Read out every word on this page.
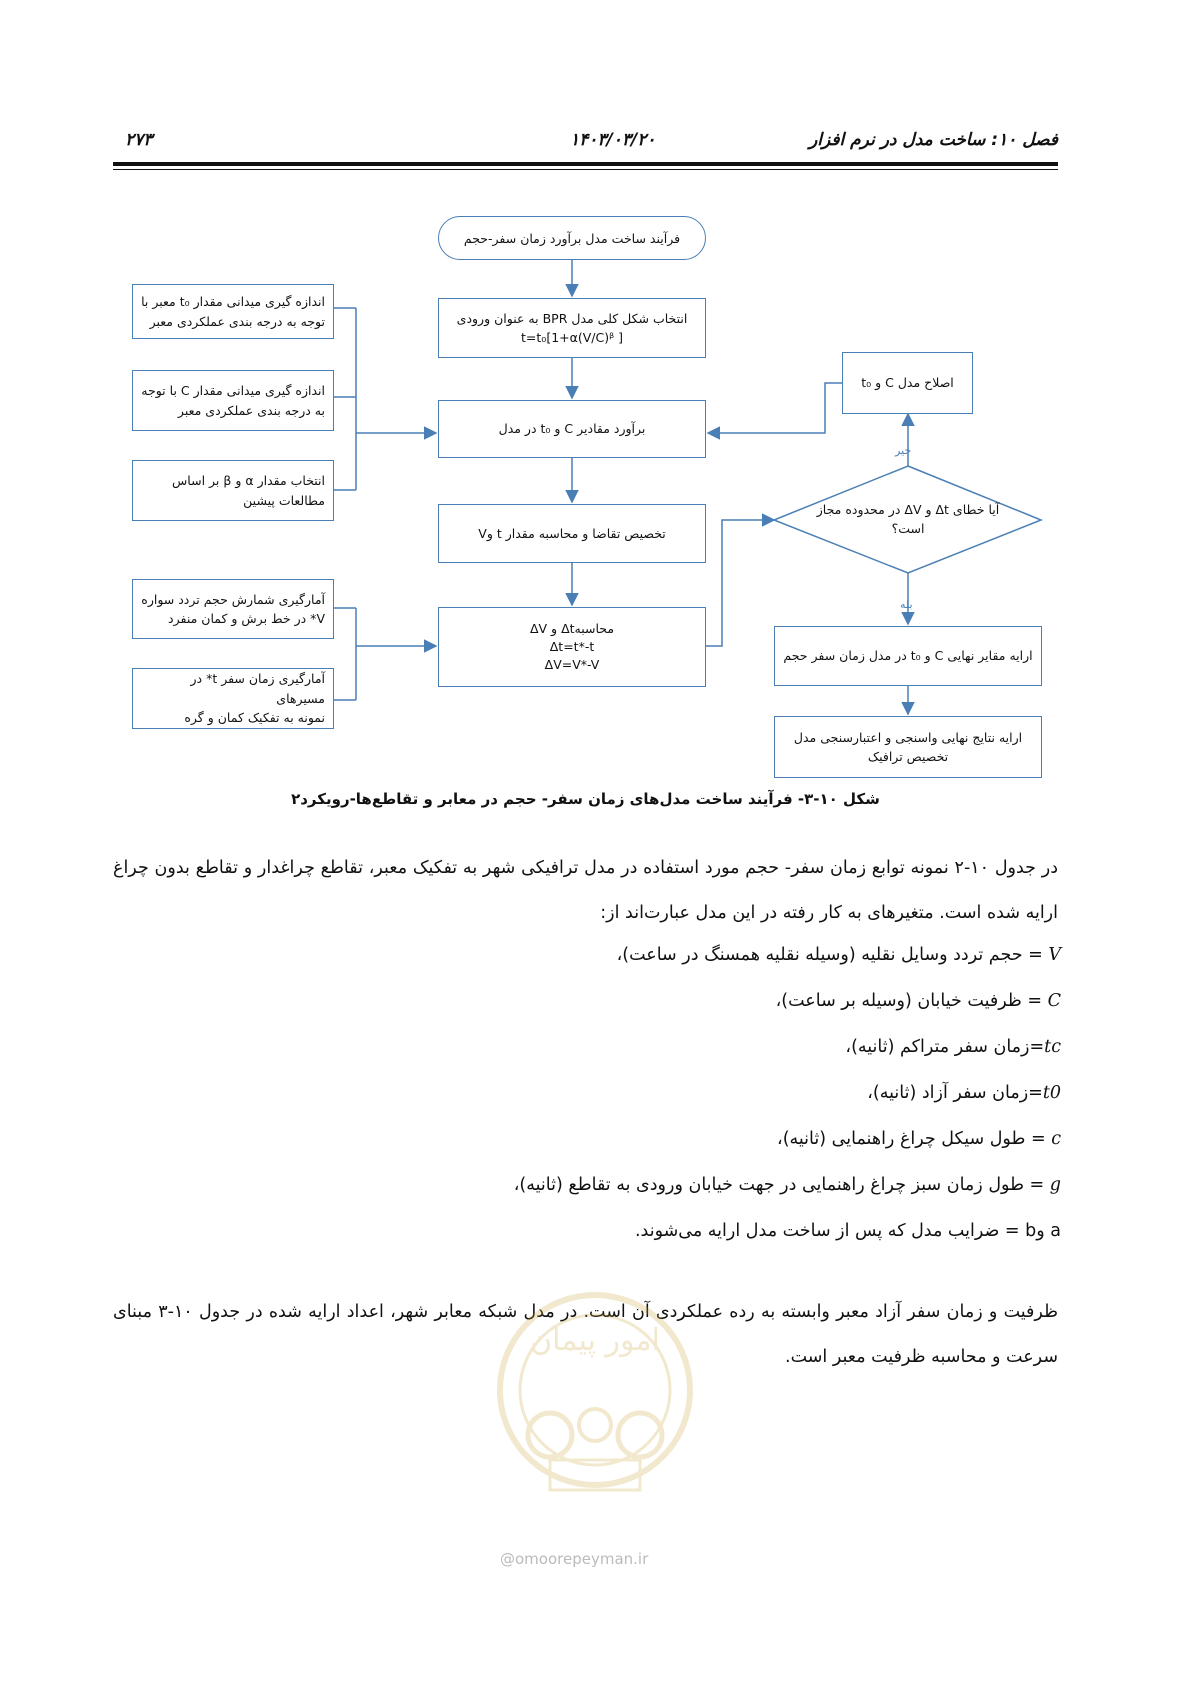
فصل ۱۰: ساخت مدل در نرم افزار
۱۴۰۳/۰۳/۲۰
۲۷۳
فرآیند ساخت مدل برآورد زمان سفر-حجم
انتخاب شکل کلی مدل BPR به عنوان ورودی
t=t₀[1+α(V/C)ᵝ ]
برآورد مقادیر C و t₀ در مدل
تخصیص تقاضا و محاسبه مقدار t وV
محاسبهΔt و ΔV
Δt=t*-t
ΔV=V*-V
اندازه گیری میدانی مقدار t₀ معبر با
توجه به درجه بندی عملکردی معبر
اندازه گیری میدانی مقدار C با توجه
به درجه بندی عملکردی معبر
انتخاب مقدار α و β بر اساس
مطالعات پیشین
آمارگیری شمارش حجم تردد سواره
V* در خط برش و کمان منفرد
آمارگیری زمان سفر t* در مسیرهای
نمونه به تفکیک کمان و گره
اصلاح مدل C و t₀
آیا خطای Δt و ΔV در محدوده مجاز
است؟
خیر
بله
ارایه مقایر نهایی C و t₀ در مدل زمان سفر حجم
ارایه نتایج نهایی واسنجی و اعتبارسنجی مدل
تخصیص ترافیک
شکل ۱۰-۳- فرآیند ساخت مدل‌های زمان سفر- حجم در معابر و تقاطع‌ها-رویکرد۲
در جدول ۱۰-۲ نمونه توابع زمان سفر- حجم مورد استفاده در مدل ترافیکی شهر به تفکیک معبر، تقاطع چراغدار و تقاطع بدون چراغ ارایه شده است. متغیرهای به کار رفته در این مدل عبارت‌اند از:
V = حجم تردد وسایل نقلیه (وسیله نقلیه همسنگ در ساعت)،
C = ظرفیت خیابان (وسیله بر ساعت)،
tc=زمان سفر متراکم (ثانیه)،
t0=زمان سفر آزاد (ثانیه)،
c = طول سیکل چراغ راهنمایی (ثانیه)،
g = طول زمان سبز چراغ راهنمایی در جهت خیابان ورودی به تقاطع (ثانیه)،
a وb = ضرایب مدل که پس از ساخت مدل ارایه می‌شوند.
ظرفیت و زمان سفر آزاد معبر وابسته به رده عملکردی آن است. در مدل شبکه معابر شهر، اعداد ارایه شده در جدول ۱۰-۳ مبنای سرعت و محاسبه ظرفیت معبر است.
امور پیمان
@omoorepeyman.ir
